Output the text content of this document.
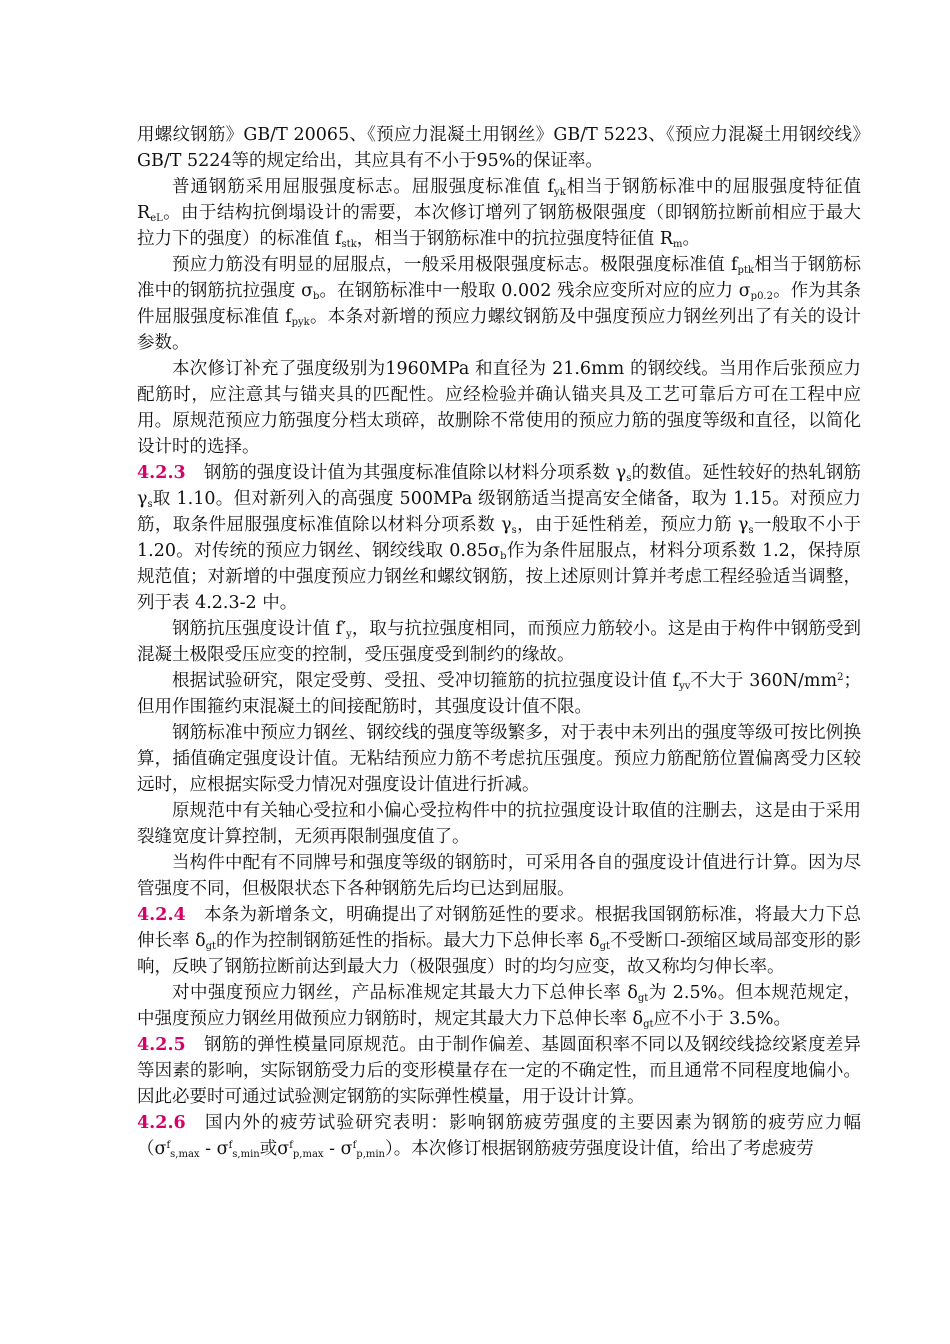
用螺纹钢筋》GB/T 20065、《预应力混凝土用钢丝》GB/T 5223、《预应力混凝土用钢绞线》GB/T 5224等的规定给出，其应具有不小于95%的保证率。

普通钢筋采用屈服强度标志。屈服强度标准值 $f_{yk}$相当于钢筋标准中的屈服强度特征值 $R_{eL}$。由于结构抗倒塌设计的需要，本次修订增列了钢筋极限强度（即钢筋拉断前相应于最大拉力下的强度）的标准值 $f_{stk}$，相当于钢筋标准中的抗拉强度特征值 $R_m$。

预应力筋没有明显的屈服点，一般采用极限强度标志。极限强度标准值 $f_{ptk}$相当于钢筋标准中的钢筋抗拉强度 $\sigma_b$。在钢筋标准中一般取 0.002 残余应变所对应的应力 $\sigma_{p0.2}$。作为其条件屈服强度标准值 $f_{pyk}$。本条对新增的预应力螺纹钢筋及中强度预应力钢丝列出了有关的设计参数。

本次修订补充了强度级别为1960MPa 和直径为 21.6mm 的钢绞线。当用作后张预应力配筋时，应注意其与锚夹具的匹配性。应经检验并确认锚夹具及工艺可靠后方可在工程中应用。原规范预应力筋强度分档太琐碎，故删除不常使用的预应力筋的强度等级和直径，以简化设计时的选择。

4.2.3 钢筋的强度设计值为其强度标准值除以材料分项系数 $\gamma_s$的数值。延性较好的热轧钢筋 $\gamma_s$取 1.10。但对新列入的高强度 500MPa 级钢筋适当提高安全储备，取为 1.15。对预应力筋，取条件屈服强度标准值除以材料分项系数 $\gamma_s$，由于延性稍差，预应力筋 $\gamma_s$一般取不小于 1.20。对传统的预应力钢丝、钢绞线取 $0.85\sigma_b$作为条件屈服点，材料分项系数 1.2，保持原规范值；对新增的中强度预应力钢丝和螺纹钢筋，按上述原则计算并考虑工程经验适当调整，列于表 4.2.3-2 中。

钢筋抗压强度设计值 $f'_y$，取与抗拉强度相同，而预应力筋较小。这是由于构件中钢筋受到混凝土极限受压应变的控制，受压强度受到制约的缘故。

根据试验研究，限定受剪、受扭、受冲切箍筋的抗拉强度设计值 $f_{yv}$不大于 $360N/mm^2$；但用作围箍约束混凝土的间接配筋时，其强度设计值不限。

钢筋标准中预应力钢丝、钢绞线的强度等级繁多，对于表中未列出的强度等级可按比例换算，插值确定强度设计值。无粘结预应力筋不考虑抗压强度。预应力筋配筋位置偏离受力区较远时，应根据实际受力情况对强度设计值进行折减。

原规范中有关轴心受拉和小偏心受拉构件中的抗拉强度设计取值的注删去，这是由于采用裂缝宽度计算控制，无须再限制强度值了。

当构件中配有不同牌号和强度等级的钢筋时，可采用各自的强度设计值进行计算。因为尽管强度不同，但极限状态下各种钢筋先后均已达到屈服。

4.2.4 本条为新增条文，明确提出了对钢筋延性的要求。根据我国钢筋标准，将最大力下总伸长率 $\delta_{gt}$的作为控制钢筋延性的指标。最大力下总伸长率 $\delta_{gt}$不受断口-颈缩区域局部变形的影响，反映了钢筋拉断前达到最大力（极限强度）时的均匀应变，故又称均匀伸长率。

对中强度预应力钢丝，产品标准规定其最大力下总伸长率 $\delta_{gt}$为 2.5%。但本规范规定，中强度预应力钢丝用做预应力钢筋时，规定其最大力下总伸长率 $\delta_{gt}$应不小于 3.5%。

4.2.5 钢筋的弹性模量同原规范。由于制作偏差、基圆面积率不同以及钢绞线捻绞紧度差异等因素的影响，实际钢筋受力后的变形模量存在一定的不确定性，而且通常不同程度地偏小。因此必要时可通过试验测定钢筋的实际弹性模量，用于设计计算。

4.2.6 国内外的疲劳试验研究表明：影响钢筋疲劳强度的主要因素为钢筋的疲劳应力幅（$\sigma^f_{s,max} - \sigma^f_{s,min}$或$\sigma^f_{p,max} - \sigma^f_{p,min}$）。本次修订根据钢筋疲劳强度设计值，给出了考虑疲劳
